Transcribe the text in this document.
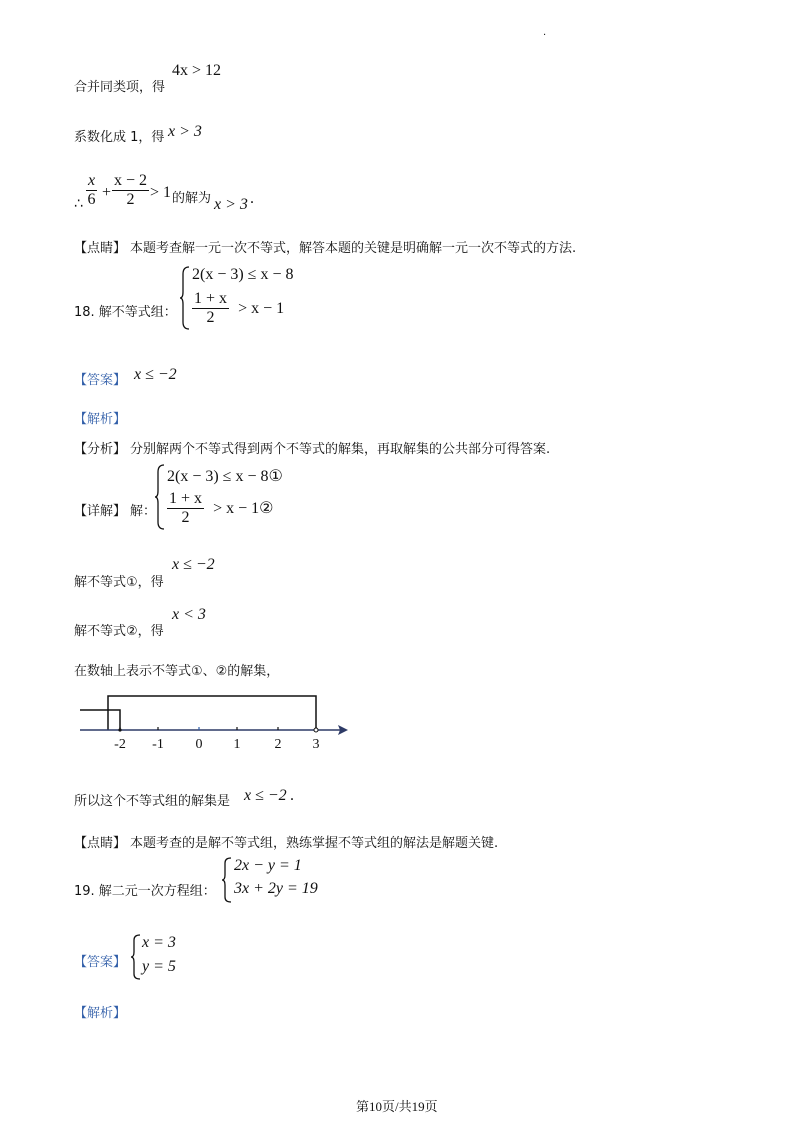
·
合并同类项，得
4x > 12
系数化成 1，得 x > 3
∴ $\frac{x}{6} + \frac{x - 2}{2} > 1$ 的解为 x > 3 .
【点睛】 本题考查解一元一次不等式，解答本题的关键是明确解一元一次不等式的方法.
18. 解不等式组：
2(x − 3) ≤ x − 8
$\frac{1 + x}{2} > x - 1$
【答案】 x ≤ −2
【解析】
【分析】 分别解两个不等式得到两个不等式的解集，再取解集的公共部分可得答案.
【详解】 解：
2(x − 3) ≤ x − 8①
$\frac{1 + x}{2} > x$ − 1②
解不等式①，得
x ≤ −2
解不等式②，得
x < 3
在数轴上表示不等式①、②的解集，
-2 -1 0 1 2 3
所以这个不等式组的解集是 x ≤ −2 .
【点睛】 本题考查的是解不等式组，熟练掌握不等式组的解法是解题关键.
19. 解二元一次方程组：
2x − y = 1
3x + 2y = 19
【答案】
x = 3
y = 5
【解析】
第10页/共19页
